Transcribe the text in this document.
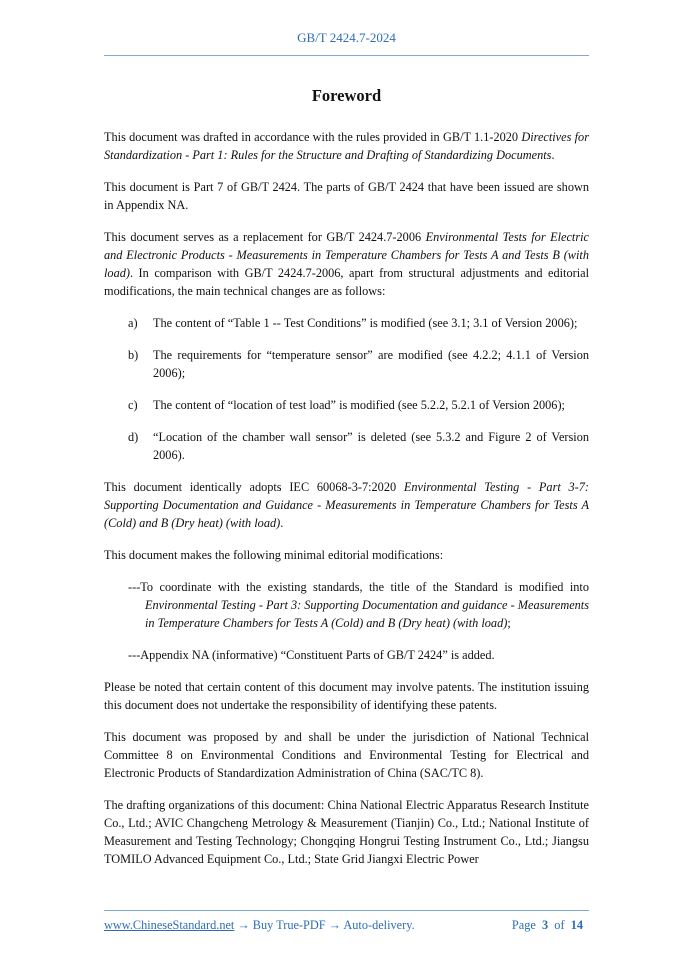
GB/T 2424.7-2024
Foreword

This document was drafted in accordance with the rules provided in GB/T 1.1-2020 Directives for Standardization - Part 1: Rules for the Structure and Drafting of Standardizing Documents.

This document is Part 7 of GB/T 2424. The parts of GB/T 2424 that have been issued are shown in Appendix NA.

This document serves as a replacement for GB/T 2424.7-2006 Environmental Tests for Electric and Electronic Products - Measurements in Temperature Chambers for Tests A and Tests B (with load). In comparison with GB/T 2424.7-2006, apart from structural adjustments and editorial modifications, the main technical changes are as follows:

a)	The content of “Table 1 -- Test Conditions” is modified (see 3.1; 3.1 of Version 2006);
b)	The requirements for “temperature sensor” are modified (see 4.2.2; 4.1.1 of Version 2006);
c)	The content of “location of test load” is modified (see 5.2.2, 5.2.1 of Version 2006);
d)	“Location of the chamber wall sensor” is deleted (see 5.3.2 and Figure 2 of Version 2006).

This document identically adopts IEC 60068-3-7:2020 Environmental Testing - Part 3-7: Supporting Documentation and Guidance - Measurements in Temperature Chambers for Tests A (Cold) and B (Dry heat) (with load).

This document makes the following minimal editorial modifications:

---To coordinate with the existing standards, the title of the Standard is modified into Environmental Testing - Part 3: Supporting Documentation and guidance - Measurements in Temperature Chambers for Tests A (Cold) and B (Dry heat) (with load);
---Appendix NA (informative) “Constituent Parts of GB/T 2424” is added.

Please be noted that certain content of this document may involve patents. The institution issuing this document does not undertake the responsibility of identifying these patents.

This document was proposed by and shall be under the jurisdiction of National Technical Committee 8 on Environmental Conditions and Environmental Testing for Electrical and Electronic Products of Standardization Administration of China (SAC/TC 8).

The drafting organizations of this document: China National Electric Apparatus Research Institute Co., Ltd.; AVIC Changcheng Metrology & Measurement (Tianjin) Co., Ltd.; National Institute of Measurement and Testing Technology; Chongqing Hongrui Testing Instrument Co., Ltd.; Jiangsu TOMILO Advanced Equipment Co., Ltd.; State Grid Jiangxi Electric Power

www.ChineseStandard.net → Buy True-PDF → Auto-delivery.	Page 3 of 14
